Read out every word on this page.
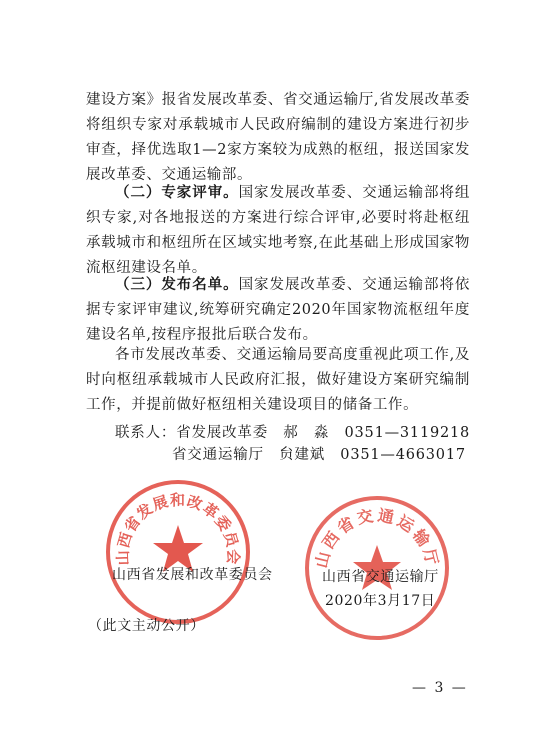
建设方案》报省发展改革委、省交通运输厅,省发展改革委将组织专家对承载城市人民政府编制的建设方案进行初步审查，择优选取1—2家方案较为成熟的枢纽，报送国家发展改革委、交通运输部。

（二）专家评审。国家发展改革委、交通运输部将组织专家,对各地报送的方案进行综合评审,必要时将赴枢纽承载城市和枢纽所在区域实地考察,在此基础上形成国家物流枢纽建设名单。

（三）发布名单。国家发展改革委、交通运输部将依据专家评审建议,统筹研究确定2020年国家物流枢纽年度建设名单,按程序报批后联合发布。

各市发展改革委、交通运输局要高度重视此项工作,及时向枢纽承载城市人民政府汇报，做好建设方案研究编制工作，并提前做好枢纽相关建设项目的储备工作。

联系人：省发展改革委　郝　淼　0351—3119218
省交通运输厅　贠建斌　0351—4663017
山西省发展和改革委员会	山西省交通运输厅
山西省发展和改革委员会	山西省交通运输厅
2020年3月17日
（此文主动公开）
— 3 —
